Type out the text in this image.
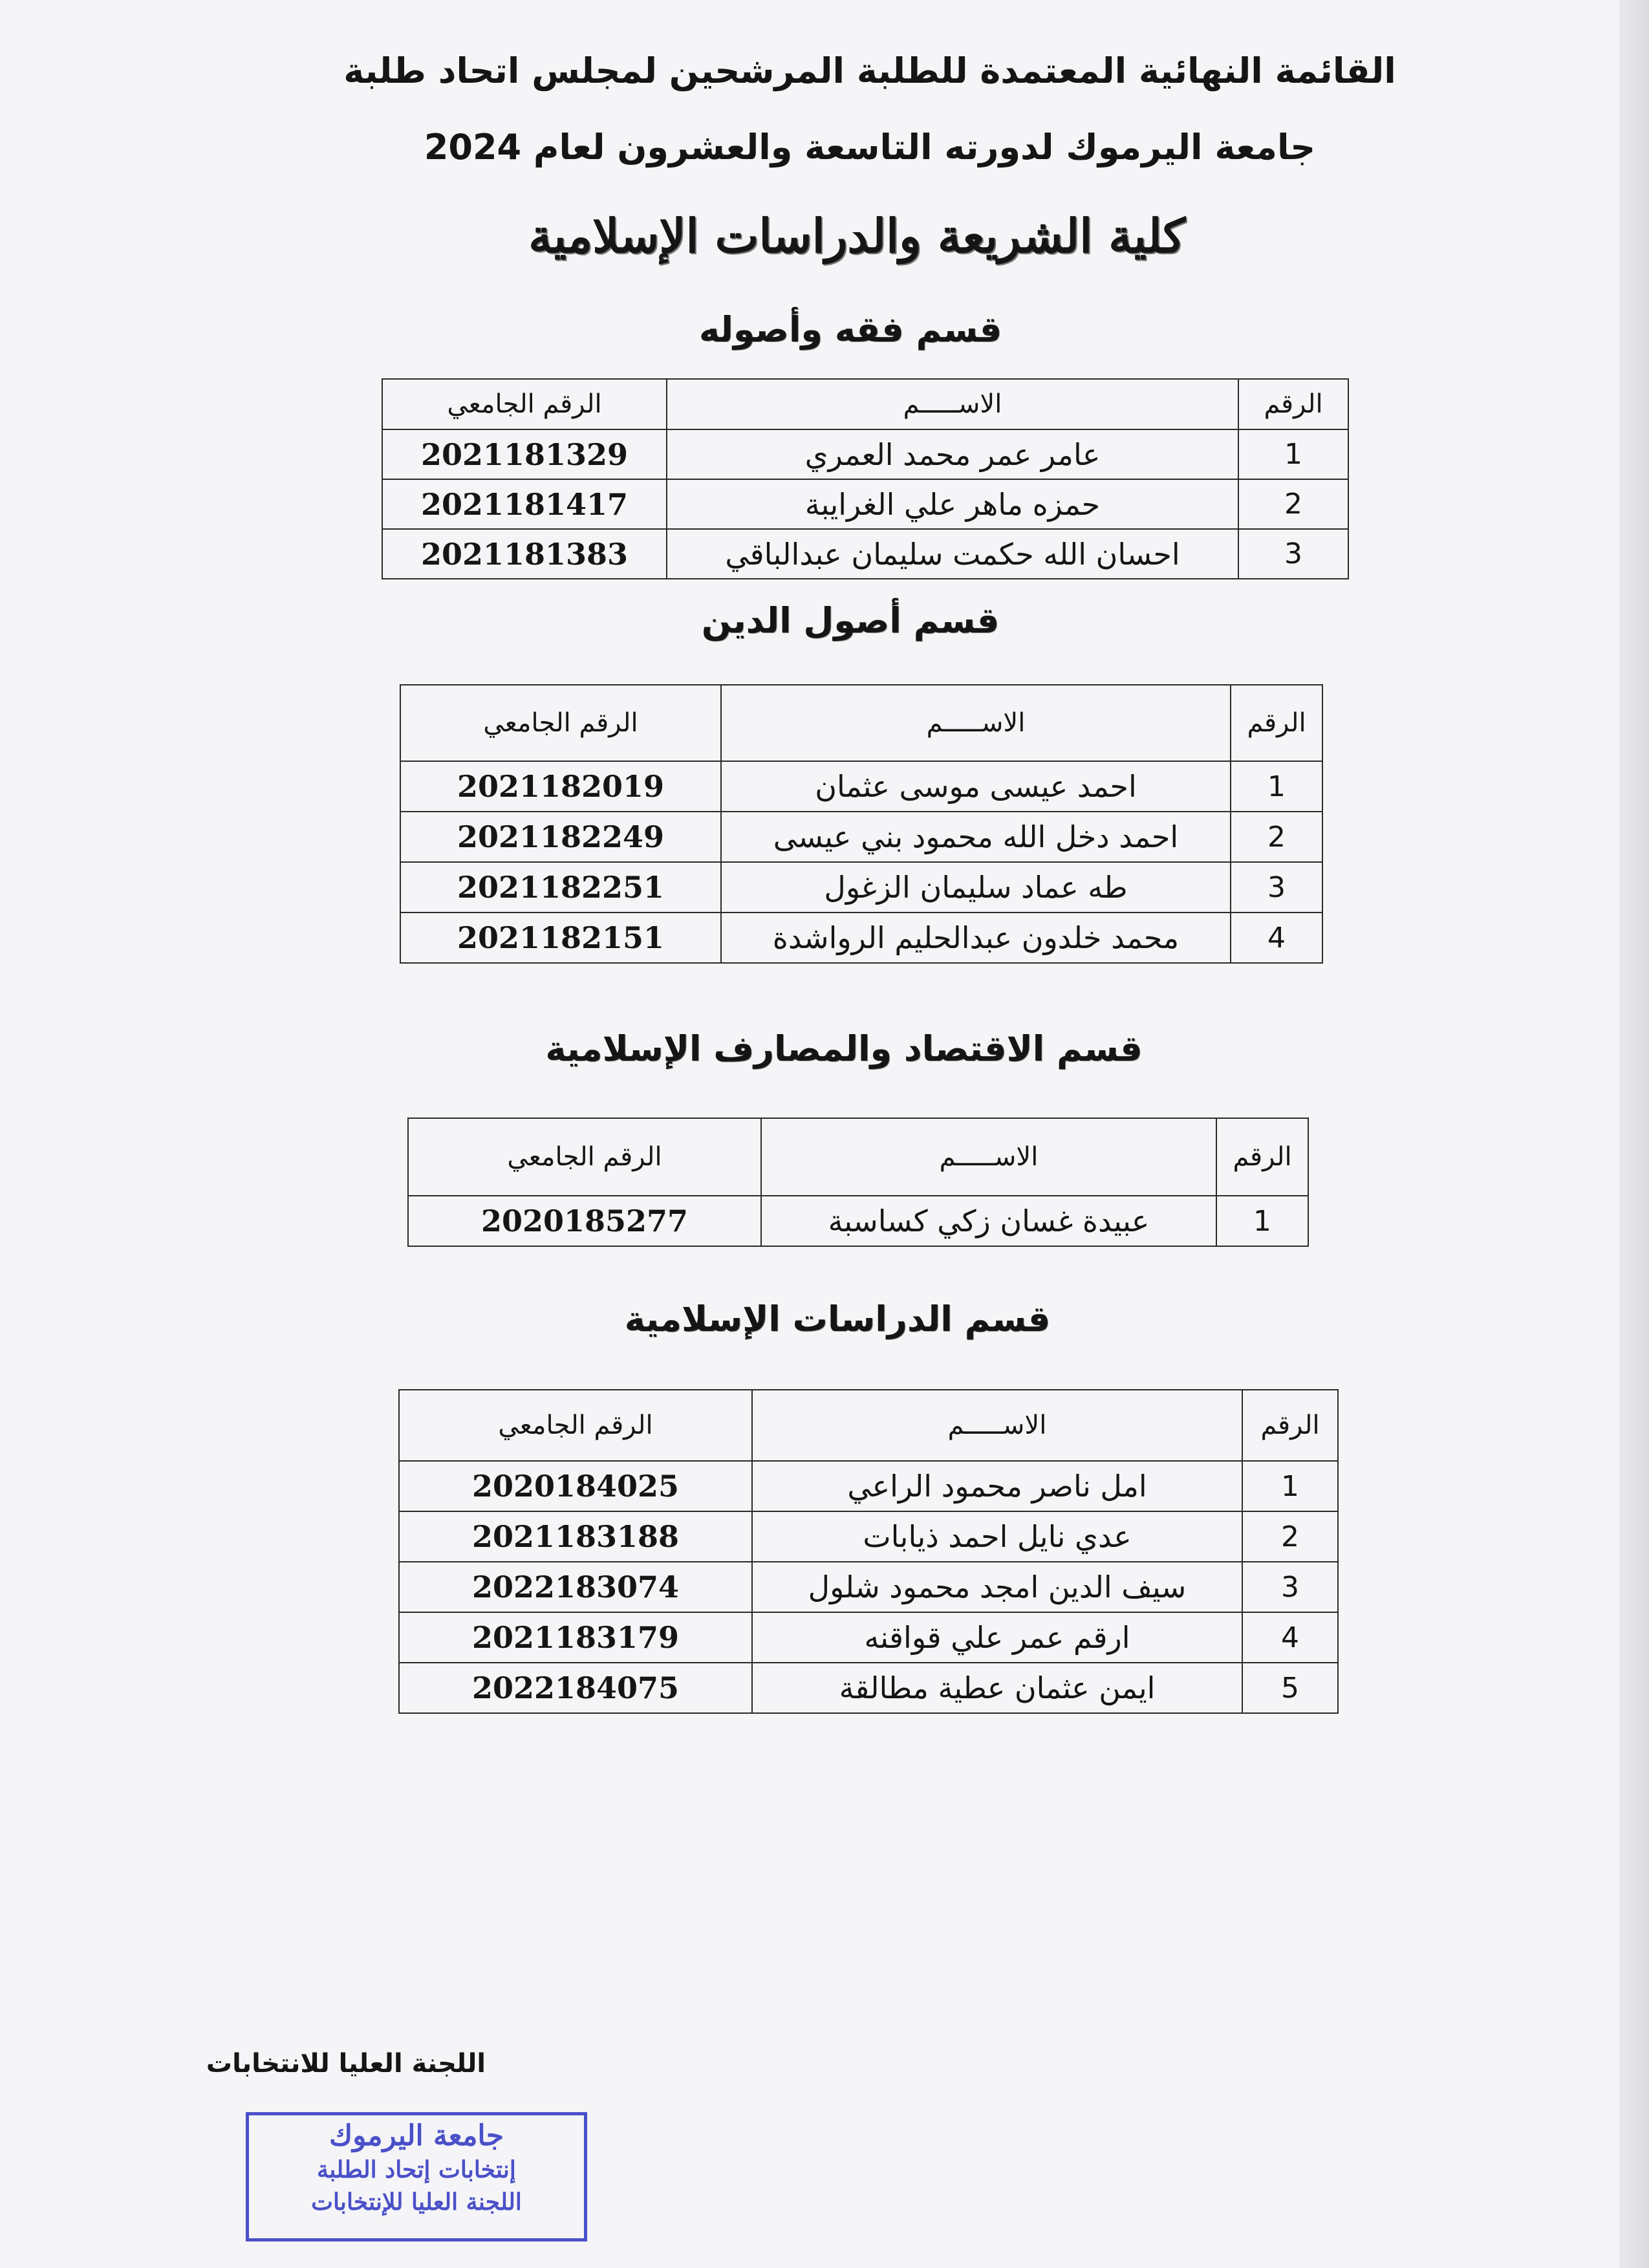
القائمة النهائية المعتمدة للطلبة المرشحين لمجلس اتحاد طلبة
جامعة اليرموك لدورته التاسعة والعشرون لعام 2024
كلية الشريعة والدراسات الإسلامية
قسم فقه وأصوله
الرقم	الاســـــم	الرقم الجامعي
1	عامر عمر محمد العمري	2021181329
2	حمزه ماهر علي الغرايبة	2021181417
3	احسان الله حكمت سليمان عبدالباقي	2021181383
قسم أصول الدين
الرقم	الاســـــم	الرقم الجامعي
1	احمد عيسى موسى عثمان	2021182019
2	احمد دخل الله محمود بني عيسى	2021182249
3	طه عماد سليمان الزغول	2021182251
4	محمد خلدون عبدالحليم الرواشدة	2021182151
قسم الاقتصاد والمصارف الإسلامية
الرقم	الاســـــم	الرقم الجامعي
1	عبيدة غسان زكي كساسبة	2020185277
قسم الدراسات الإسلامية
الرقم	الاســـــم	الرقم الجامعي
1	امل ناصر محمود الراعي	2020184025
2	عدي نايل احمد ذيابات	2021183188
3	سيف الدين امجد محمود شلول	2022183074
4	ارقم عمر علي قواقنه	2021183179
5	ايمن عثمان عطية مطالقة	2022184075
اللجنة العليا للانتخابات
جامعة اليرموك
إنتخابات إتحاد الطلبة
اللجنة العليا للإنتخابات
